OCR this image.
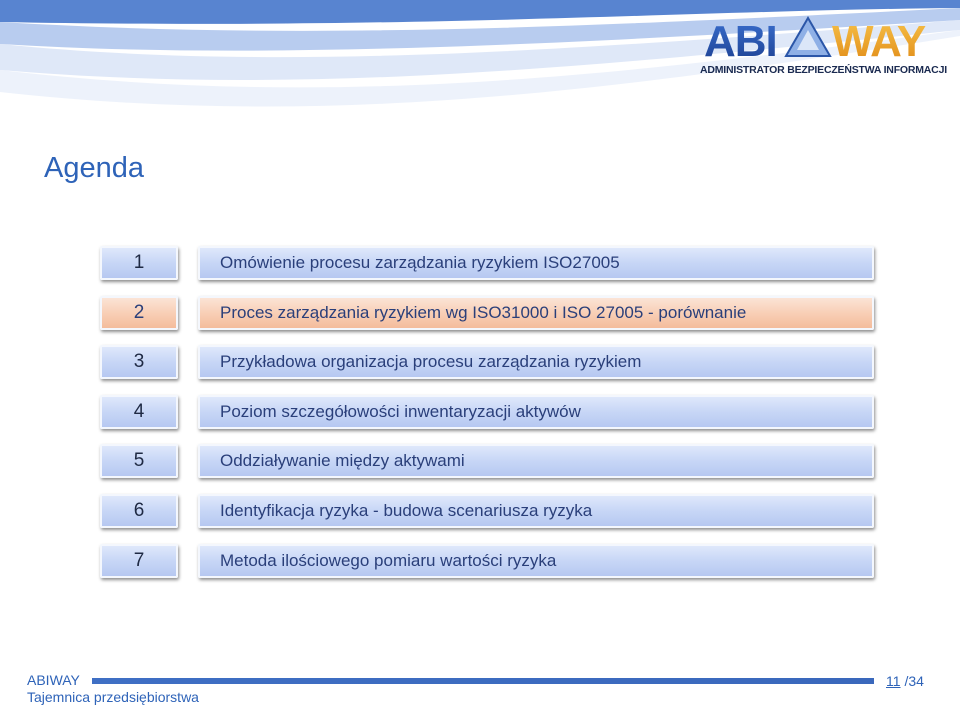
ABI WAY
ADMINISTRATOR BEZPIECZEŃSTWA INFORMACJI
Agenda
1	Omówienie procesu zarządzania ryzykiem ISO27005
2	Proces zarządzania ryzykiem wg ISO31000 i ISO 27005 - porównanie
3	Przykładowa organizacja procesu zarządzania ryzykiem
4	Poziom szczegółowości inwentaryzacji aktywów
5	Oddziaływanie między aktywami
6	Identyfikacja ryzyka - budowa scenariusza ryzyka
7	Metoda ilościowego pomiaru wartości ryzyka
ABIWAY
Tajemnica przedsiębiorstwa
11 /34
